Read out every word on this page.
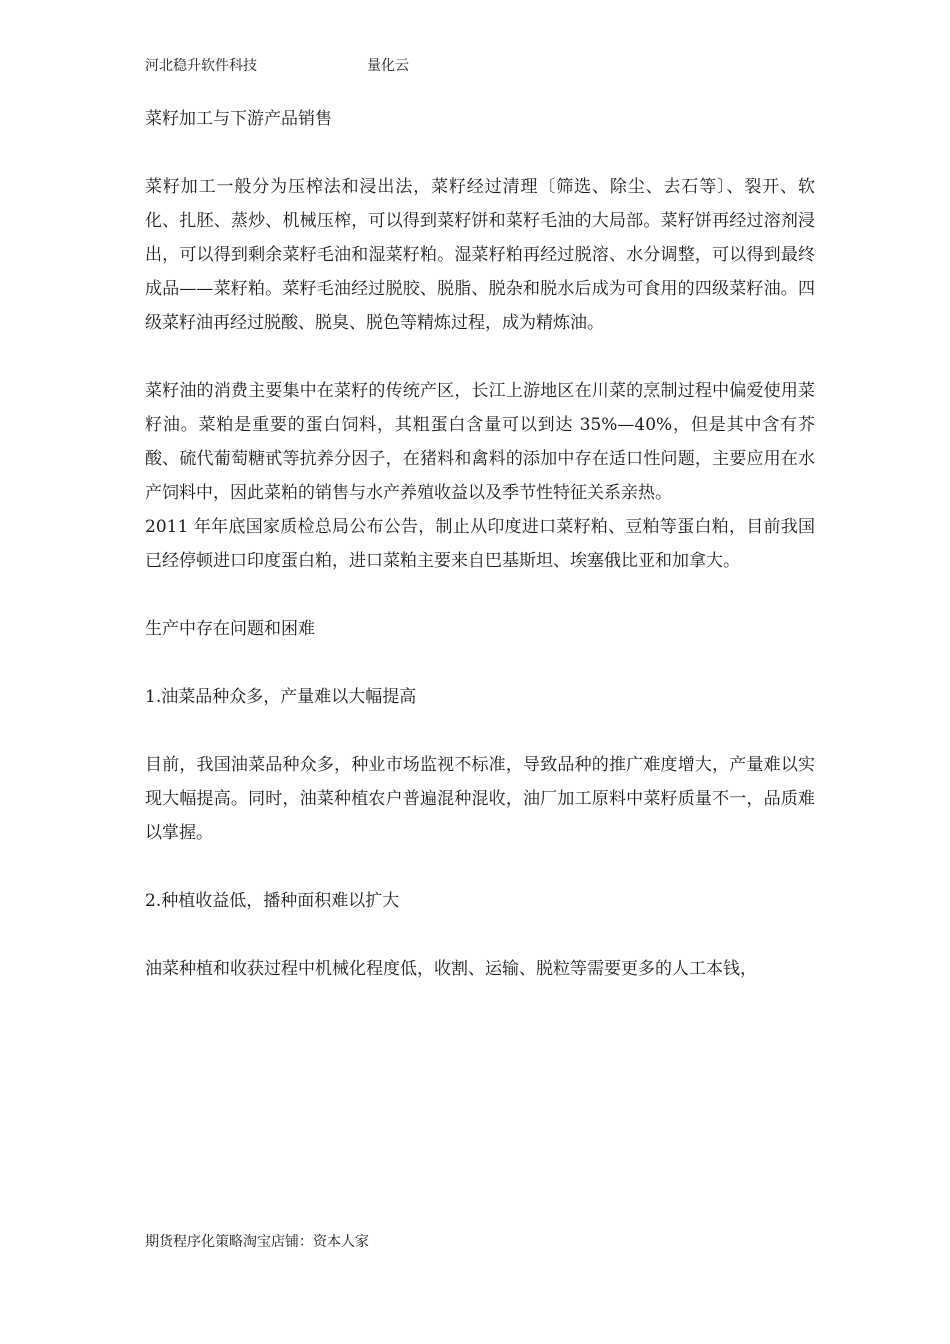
河北稳升软件科技	量化云

菜籽加工与下游产品销售

菜籽加工一般分为压榨法和浸出法，菜籽经过清理〔筛选、除尘、去石等〕、裂开、软化、扎胚、蒸炒、机械压榨，可以得到菜籽饼和菜籽毛油的大局部。菜籽饼再经过溶剂浸出，可以得到剩余菜籽毛油和湿菜籽粕。湿菜籽粕再经过脱溶、水分调整，可以得到最终成品——菜籽粕。菜籽毛油经过脱胶、脱脂、脱杂和脱水后成为可食用的四级菜籽油。四级菜籽油再经过脱酸、脱臭、脱色等精炼过程，成为精炼油。

菜籽油的消费主要集中在菜籽的传统产区，长江上游地区在川菜的烹制过程中偏爱使用菜籽油。菜粕是重要的蛋白饲料，其粗蛋白含量可以到达 35%—40%，但是其中含有芥酸、硫代葡萄糖甙等抗养分因子，在猪料和禽料的添加中存在适口性问题，主要应用在水产饲料中，因此菜粕的销售与水产养殖收益以及季节性特征关系亲热。

2011 年年底国家质检总局公布公告，制止从印度进口菜籽粕、豆粕等蛋白粕，目前我国已经停顿进口印度蛋白粕，进口菜粕主要来自巴基斯坦、埃塞俄比亚和加拿大。

生产中存在问题和困难

1.油菜品种众多，产量难以大幅提高

目前，我国油菜品种众多，种业市场监视不标准，导致品种的推广难度增大，产量难以实现大幅提高。同时，油菜种植农户普遍混种混收，油厂加工原料中菜籽质量不一，品质难以掌握。

2.种植收益低，播种面积难以扩大

油菜种植和收获过程中机械化程度低，收割、运输、脱粒等需要更多的人工本钱，

期货程序化策略淘宝店铺：资本人家
